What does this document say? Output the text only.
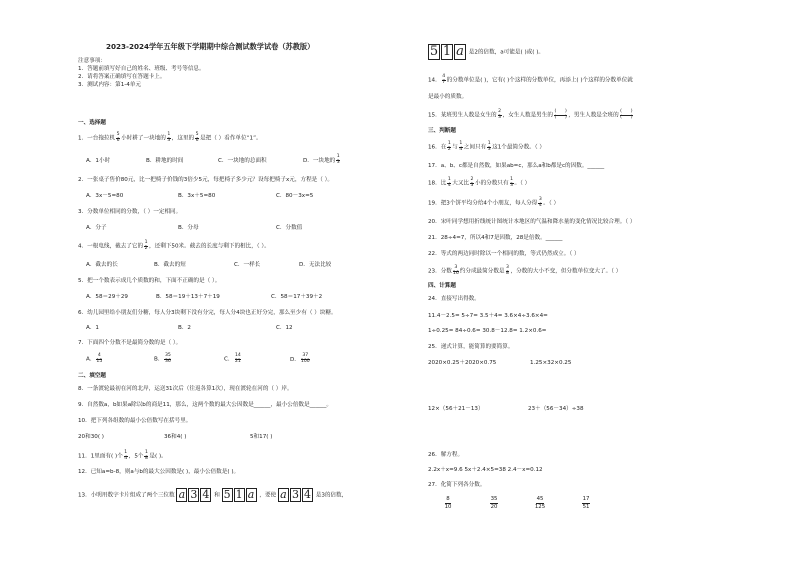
2023-2024学年五年级下学期期中综合测试数学试卷（苏教版）
注意事项：
1．答题前填写好自己的姓名、班级、考号等信息。
2．请将答案正确填写在答题卡上。
3．测试内容：第1-4单元
一、选择题
1．一台拖拉机 $\frac{5}{6}$ 小时耕了一块地的 $\frac{1}{3}$ ，这里的 $\frac{5}{6}$ 是把（ ）看作单位“1”。
A．1小时	B．耕地的时间	C．一块地的总面积	D．一块地的 $\frac{1}{3}$
2．一张桌子售价80元，比一把椅子价钱的3倍少5元，每把椅子多少元？设每把椅子x元，方程是（ ）。
A．3x－5=80	B．3x＋5=80	C．80－3x=5
3．分数单位相同的分数，（ ）一定相同。
A．分子	B．分母	C．分数值
4．一根电线，截去了它的 $\frac{1}{2}$ ，还剩下50米。截去的长度与剩下的相比，（ ）。
A．截去的长	B．截去的短	C．一样长	D．无法比较
5．把一个数表示成几个质数的和，下面不正确的是（ ）。
A．58＝29＋29	B．58＝19＋13＋7＋19	C．58＝17＋39＋2
6．幼儿园里给小朋友们分糖，每人分3块剩下没有分完，每人分4块也正好分完，那么至少有（ ）块糖。
A．1	B．2	C．12
7．下面四个分数不是最简分数的是（ ）。
A． $\frac{4}{15}$	B． $\frac{35}{36}$	C． $\frac{14}{21}$	D． $\frac{37}{100}$
二、填空题
8．一条渡轮最初在河的北岸，运送31次后（往返各算1次），现在渡轮在河的（ ）岸。
9．自然数a，b如果a除以b的商是11，那么，这两个数的最大公因数是______，最小公倍数是______。
10．把下列各组数的最小公倍数写在括号里。
20和30( )	36和4( )	5和17( )
11．1里面有( )个 $\frac{1}{4}$ ，5个 $\frac{1}{8}$ 是( )。
12．已知a=b-8，则a与b的最大公因数是( )，最小公倍数是( )。
13．小明用数字卡片组成了两个三位数 a 3 4 和 5 1 a ，要使 a 3 4 是3的倍数，
5 1 a 是2的倍数，a可能是( )或( )。
14． $\frac{4}{7}$ 的分数单位是( )，它有( )个这样的分数单位，再添上( )个这样的分数单位就
是最小的质数。
15．某班男生人数是女生的 $\frac{2}{3}$ ，女生人数是男生的 $\frac{( )}{( )}$ ，男生人数是全班的 $\frac{( )}{( )}$
三、判断题
16．在 $\frac{1}{2}$ 与 $\frac{1}{4}$ 之间只有 $\frac{1}{3}$ 这1个最简分数。（ ）
17．a、b、c都是自然数，如果ab=c，那么a和b都是c的因数。______
18．比 $\frac{1}{4}$ 大又比 $\frac{2}{3}$ 小的分数只有 $\frac{1}{3}$ 。（ ）
19．把3个饼平均分给4个小朋友，每人分得 $\frac{3}{4}$ 。（ ）
20．宋叶同学想用折线统计图统计本地区的气温和降水量的变化情况比较合理。（ ）
21．28÷4=7，所以4和7是因数，28是倍数。______
22．等式的两边同时除以一个相同的数，等式仍然成立。（ ）
23．分数 $\frac{3}{16}$ 约分成最简分数是 $\frac{3}{8}$ ，分数的大小不变，但分数单位变大了。（ ）
四、计算题
24．直接写出得数。
11.4－2.5= 5÷7= 3.5＋4= 3.6×4÷3.6×4=
1÷0.25= 84÷0.6= 30.8－12.8= 1.2×0.6=
25．递式计算，能简算的要简算。
2020×0.25＋2020×0.75	1.25×32×0.25
12×（56＋21－13）	23＋（56－34）÷38
26．解方程。
2.2x＋x=9.6 5x＋2.4×5=38 2.4－x=0.12
27．化简下列各分数。
$\frac{8}{10} \frac{35}{20} \frac{45}{125} \frac{17}{51}$
